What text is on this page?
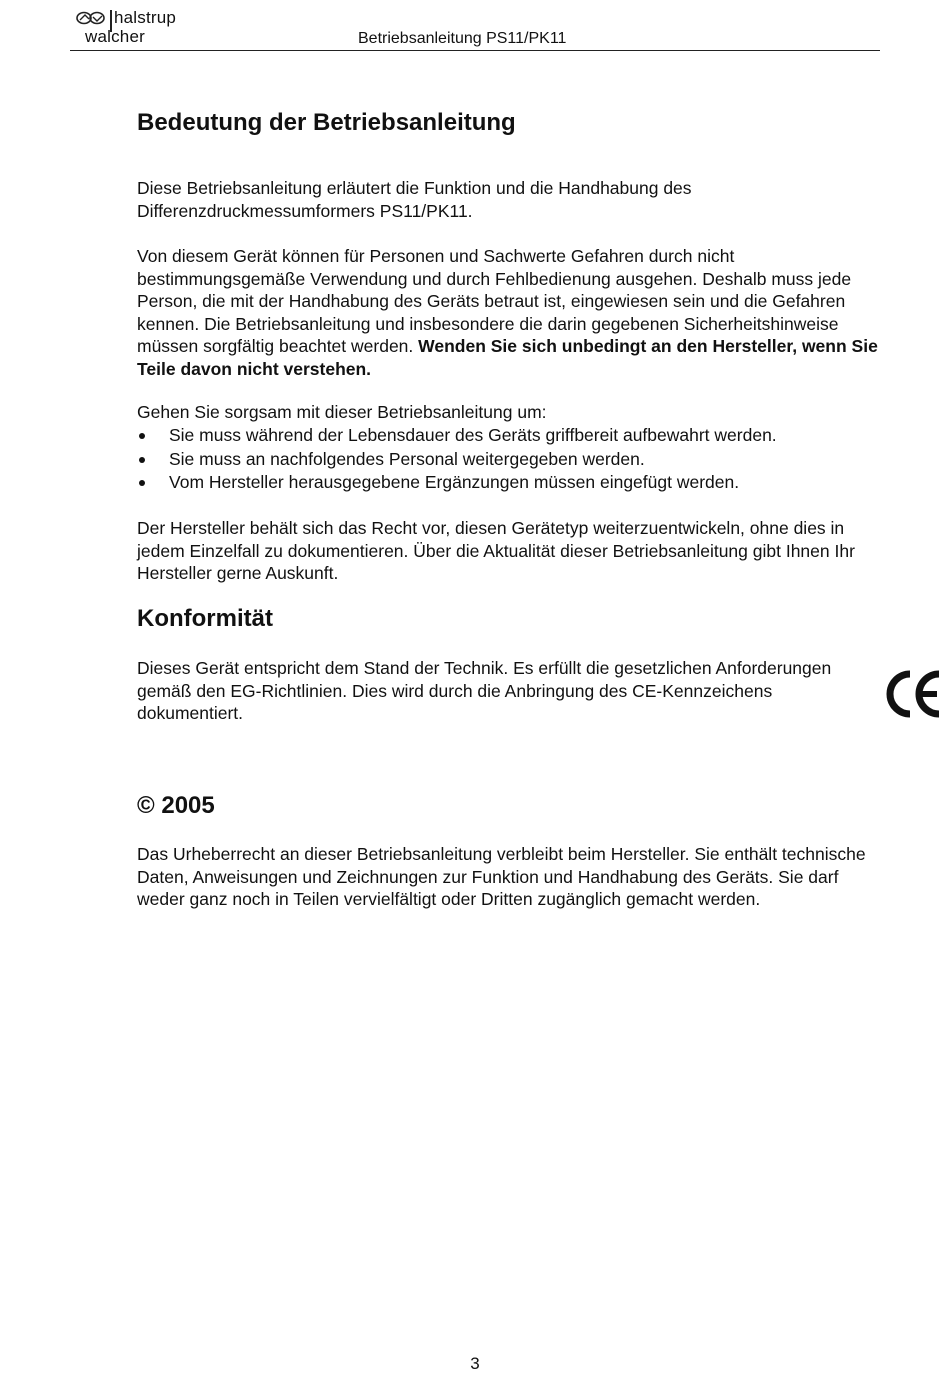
halstrup
walcher	Betriebsanleitung PS11/PK11
Bedeutung der Betriebsanleitung
Diese Betriebsanleitung erläutert die Funktion und die Handhabung des Differenzdruckmessumformers PS11/PK11.
Von diesem Gerät können für Personen und Sachwerte Gefahren durch nicht bestimmungsgemäße Verwendung und durch Fehlbedienung ausgehen. Deshalb muss jede Person, die mit der Handhabung des Geräts betraut ist, eingewiesen sein und die Gefahren kennen. Die Betriebsanleitung und insbesondere die darin gegebenen Sicherheitshinweise müssen sorgfältig beachtet werden. Wenden Sie sich unbedingt an den Hersteller, wenn Sie Teile davon nicht verstehen.
Gehen Sie sorgsam mit dieser Betriebsanleitung um:
Sie muss während der Lebensdauer des Geräts griffbereit aufbewahrt werden.
Sie muss an nachfolgendes Personal weitergegeben werden.
Vom Hersteller herausgegebene Ergänzungen müssen eingefügt werden.
Der Hersteller behält sich das Recht vor, diesen Gerätetyp weiterzuentwickeln, ohne dies in jedem Einzelfall zu dokumentieren. Über die Aktualität dieser Betriebsanleitung gibt Ihnen Ihr Hersteller gerne Auskunft.
Konformität
Dieses Gerät entspricht dem Stand der Technik. Es erfüllt die gesetzlichen Anforderungen gemäß den EG-Richtlinien. Dies wird durch die Anbringung des CE-Kennzeichens dokumentiert.
© 2005
Das Urheberrecht an dieser Betriebsanleitung verbleibt beim Hersteller. Sie enthält technische Daten, Anweisungen und Zeichnungen zur Funktion und Handhabung des Geräts. Sie darf weder ganz noch in Teilen vervielfältigt oder Dritten zugänglich gemacht werden.
3
